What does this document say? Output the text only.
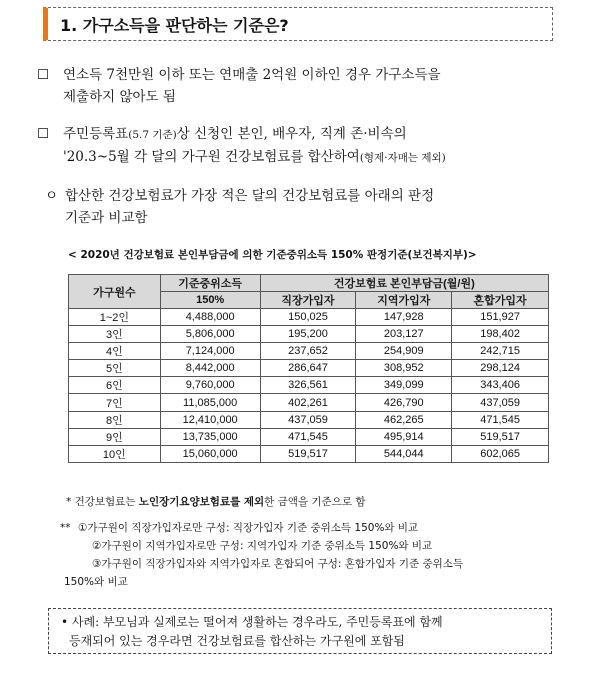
1. 가구소득을 판단하는 기준은?
☐	연소득 7천만원 이하 또는 연매출 2억원 이하인 경우 가구소득을
제출하지 않아도 됨
☐	주민등록표(5.7 기준)상 신청인 본인, 배우자, 직계 존·비속의
'20.3~5월 각 달의 가구원 건강보험료를 합산하여(형제·자매는 제외)
ㅇ 합산한 건강보험료가 가장 적은 달의 건강보험료를 아래의 판정
기준과 비교함
< 2020년 건강보험료 본인부담금에 의한 기준중위소득 150% 판정기준(보건복지부)>
가구원수	기준중위소득	건강보험료 본인부담금(월/원)		
	150%	직장가입자	지역가입자	혼합가입자
1~2인	4,488,000	150,025	147,928	151,927
3인	5,806,000	195,200	203,127	198,402
4인	7,124,000	237,652	254,909	242,715
5인	8,442,000	286,647	308,952	298,124
6인	9,760,000	326,561	349,099	343,406
7인	11,085,000	402,261	426,790	437,059
8인	12,410,000	437,059	462,265	471,545
9인	13,735,000	471,545	495,914	519,517
10인	15,060,000	519,517	544,044	602,065
* 건강보험료는 노인장기요양보험료를 제외한 금액을 기준으로 함
** ①가구원이 직장가입자로만 구성: 직장가입자 기준 중위소득 150%와 비교
②가구원이 지역가입자로만 구성: 지역가입자 기준 중위소득 150%와 비교
③가구원이 직장가입자와 지역가입자로 혼합되어 구성: 혼합가입자 기준 중위소득
150%와 비교
• 사례: 부모님과 실제로는 떨어져 생활하는 경우라도, 주민등록표에 함께
등재되어 있는 경우라면 건강보험료를 합산하는 가구원에 포함됨
